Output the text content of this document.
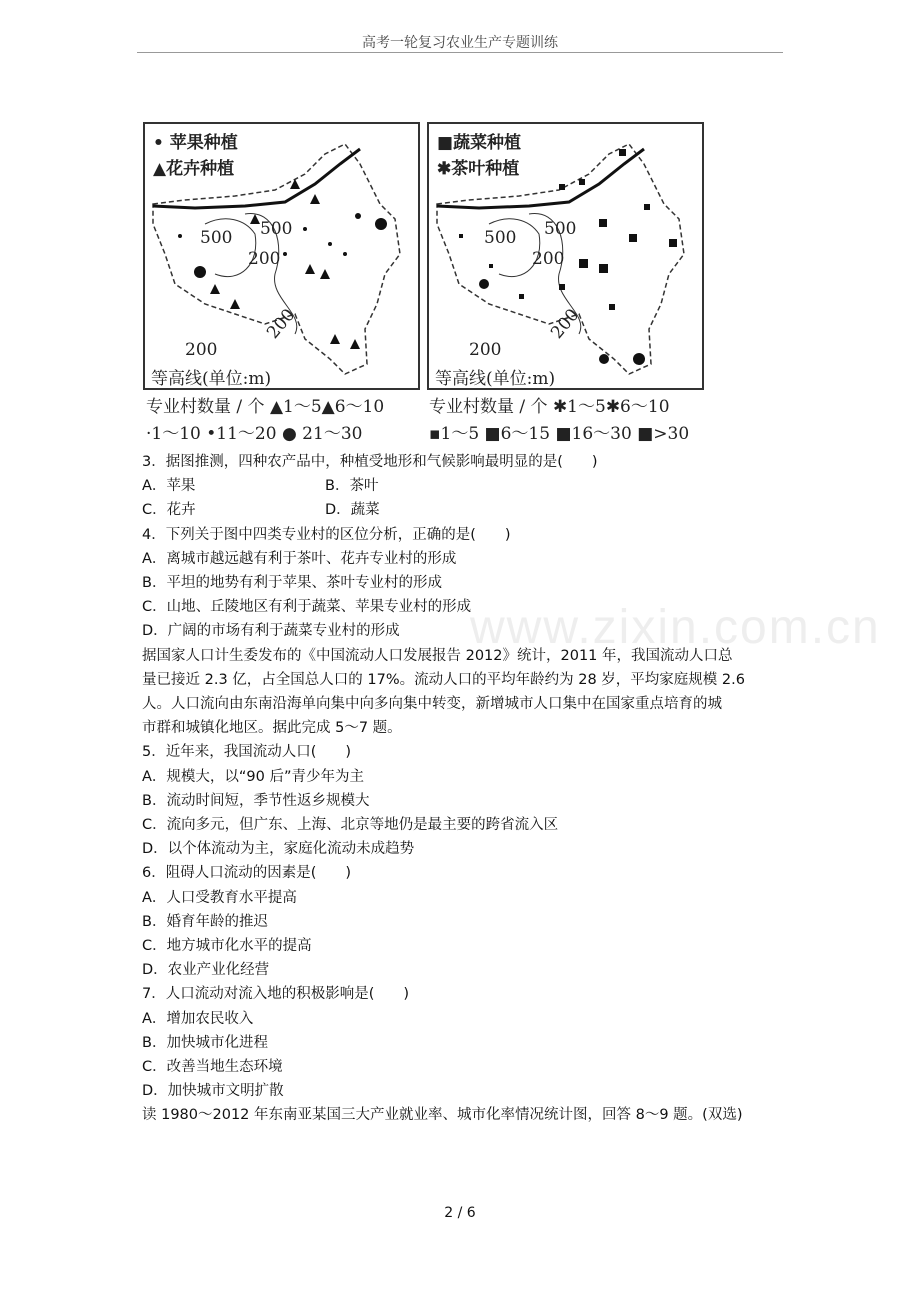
高考一轮复习农业生产专题训练
www.zixin.com.cn
• 苹果种植
▲花卉种植
500 500
200
200
200
等高线(单位:m)
■蔬菜种植
✱茶叶种植
500 500
200
200
200
等高线(单位:m)
专业村数量 / 个 ▲1～5▲6～10	专业村数量 / 个 ✱1～5✱6～10
·1～10 •11～20 ● 21～30	▪1～5 ■6～15 ■16～30 ■>30
3．据图推测，四种农产品中，种植受地形和气候影响最明显的是(　　)
A．苹果	B．茶叶
C．花卉	D．蔬菜
4．下列关于图中四类专业村的区位分析，正确的是(　　)
A．离城市越远越有利于茶叶、花卉专业村的形成
B．平坦的地势有利于苹果、茶叶专业村的形成
C．山地、丘陵地区有利于蔬菜、苹果专业村的形成
D．广阔的市场有利于蔬菜专业村的形成
据国家人口计生委发布的《中国流动人口发展报告 2012》统计，2011 年，我国流动人口总
量已接近 2.3 亿，占全国总人口的 17%。流动人口的平均年龄约为 28 岁，平均家庭规模 2.6
人。人口流向由东南沿海单向集中向多向集中转变，新增城市人口集中在国家重点培育的城
市群和城镇化地区。据此完成 5～7 题。
5．近年来，我国流动人口(　　)
A．规模大，以“90 后”青少年为主
B．流动时间短，季节性返乡规模大
C．流向多元，但广东、上海、北京等地仍是最主要的跨省流入区
D．以个体流动为主，家庭化流动未成趋势
6．阻碍人口流动的因素是(　　)
A．人口受教育水平提高
B．婚育年龄的推迟
C．地方城市化水平的提高
D．农业产业化经营
7．人口流动对流入地的积极影响是(　　)
A．增加农民收入
B．加快城市化进程
C．改善当地生态环境
D．加快城市文明扩散
读 1980～2012 年东南亚某国三大产业就业率、城市化率情况统计图，回答 8～9 题。(双选)
2 / 6
